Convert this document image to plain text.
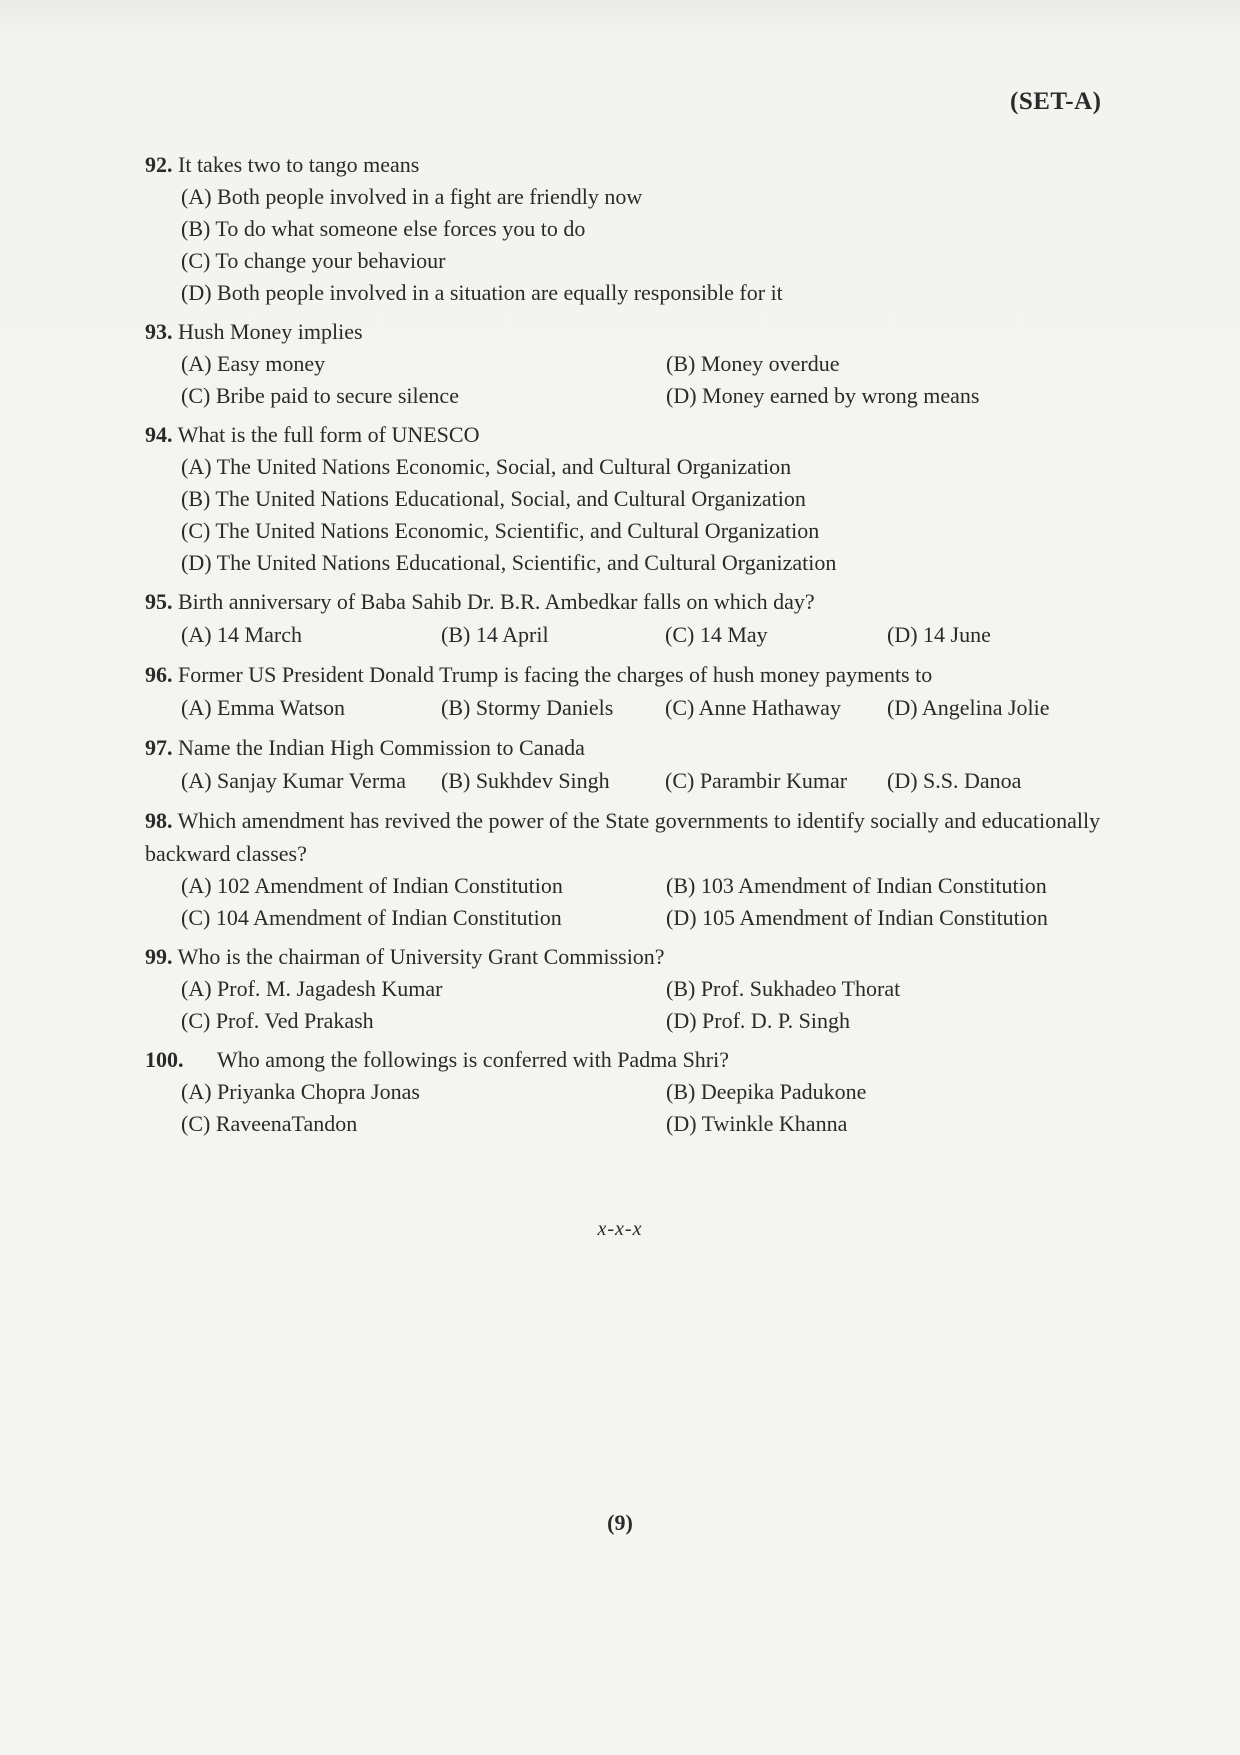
(SET-A)
92. It takes two to tango means
(A) Both people involved in a fight are friendly now
(B) To do what someone else forces you to do
(C) To change your behaviour
(D) Both people involved in a situation are equally responsible for it
93. Hush Money implies
(A) Easy money	(B) Money overdue
(C) Bribe paid to secure silence	(D) Money earned by wrong means
94. What is the full form of UNESCO
(A) The United Nations Economic, Social, and Cultural Organization
(B) The United Nations Educational, Social, and Cultural Organization
(C) The United Nations Economic, Scientific, and Cultural Organization
(D) The United Nations Educational, Scientific, and Cultural Organization
95. Birth anniversary of Baba Sahib Dr. B.R. Ambedkar falls on which day?
(A) 14 March	(B) 14 April	(C) 14 May	(D) 14 June
96. Former US President Donald Trump is facing the charges of hush money payments to
(A) Emma Watson	(B) Stormy Daniels	(C) Anne Hathaway	(D) Angelina Jolie
97. Name the Indian High Commission to Canada
(A) Sanjay Kumar Verma	(B) Sukhdev Singh	(C) Parambir Kumar	(D) S.S. Danoa
98. Which amendment has revived the power of the State governments to identify socially and educationally backward classes?
(A) 102 Amendment of Indian Constitution	(B) 103 Amendment of Indian Constitution
(C) 104 Amendment of Indian Constitution	(D) 105 Amendment of Indian Constitution
99. Who is the chairman of University Grant Commission?
(A) Prof. M. Jagadesh Kumar	(B) Prof. Sukhadeo Thorat
(C) Prof. Ved Prakash	(D) Prof. D. P. Singh
100. Who among the followings is conferred with Padma Shri?
(A) Priyanka Chopra Jonas	(B) Deepika Padukone
(C) RaveenaTandon	(D) Twinkle Khanna
x-x-x
(9)
